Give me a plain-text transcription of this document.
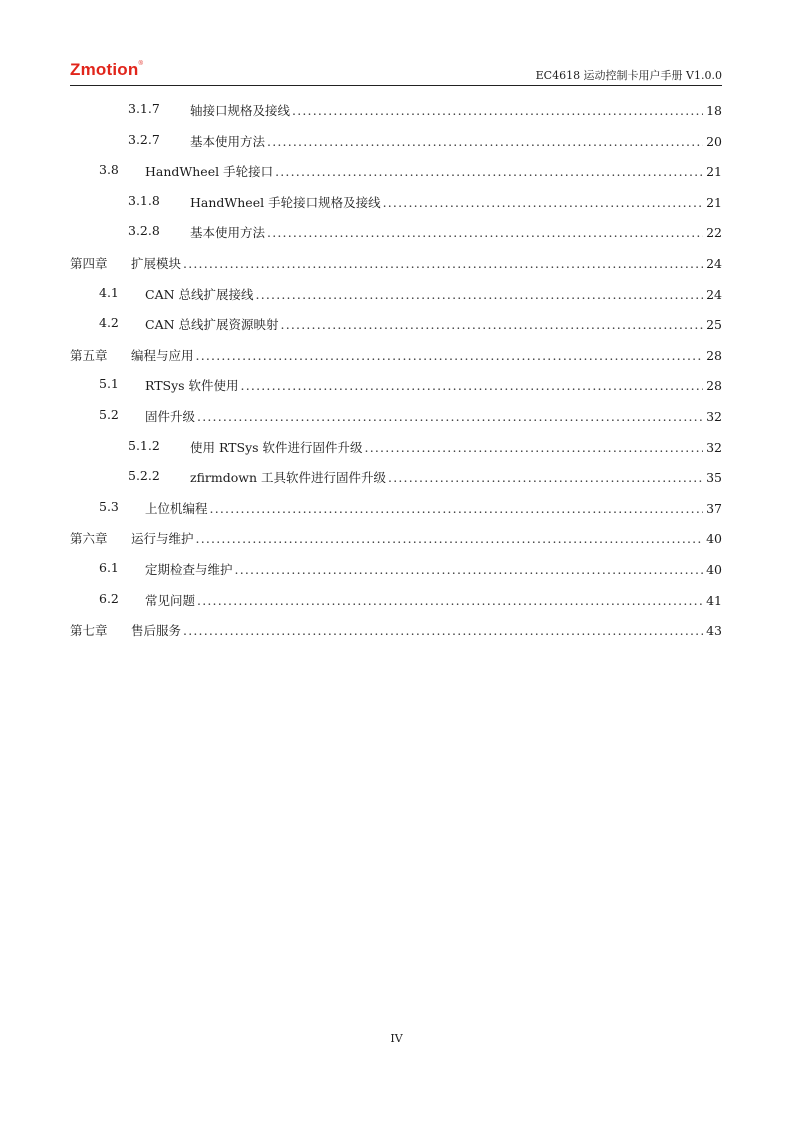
Zmotion®
EC4618 运动控制卡用户手册 V1.0.0
3.1.7 轴接口规格及接线 .....	18
3.2.7 基本使用方法 .....	20
3.8 HandWheel 手轮接口 .....	21
3.1.8 HandWheel 手轮接口规格及接线 .....	21
3.2.8 基本使用方法 .....	22
第四章 扩展模块 .....	24
4.1 CAN 总线扩展接线 .....	24
4.2 CAN 总线扩展资源映射 .....	25
第五章 编程与应用 .....	28
5.1 RTSys 软件使用 .....	28
5.2 固件升级 .....	32
5.1.2 使用 RTSys 软件进行固件升级 .....	32
5.2.2 zfirmdown 工具软件进行固件升级 .....	35
5.3 上位机编程 .....	37
第六章 运行与维护 .....	40
6.1 定期检查与维护 .....	40
6.2 常见问题 .....	41
第七章 售后服务 .....	43
IV
